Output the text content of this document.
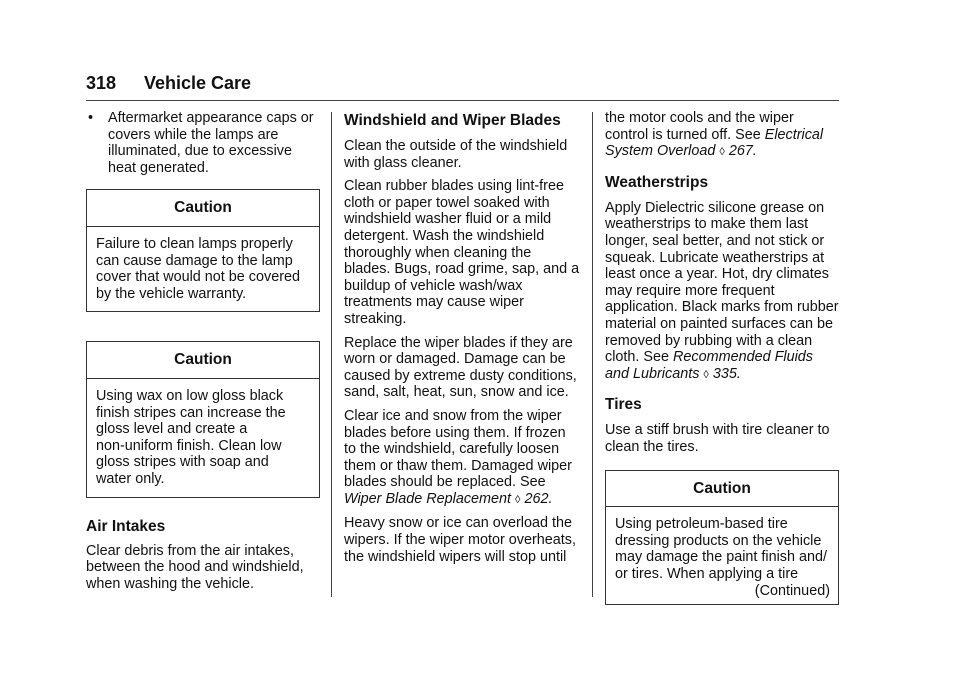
318 Vehicle Care

• Aftermarket appearance caps or covers while the lamps are illuminated, due to excessive heat generated.

Caution

Failure to clean lamps properly

can cause damage to the lamp

cover that would not be covered

by the vehicle warranty.

Caution

Using wax on low gloss black

finish stripes can increase the

gloss level and create a

non-uniform finish. Clean low

gloss stripes with soap and

water only.

Air Intakes

Clear debris from the air intakes, between the hood and windshield, when washing the vehicle.

Windshield and Wiper Blades

Clean the outside of the windshield with glass cleaner.

Clean rubber blades using lint-free cloth or paper towel soaked with windshield washer fluid or a mild detergent. Wash the windshield thoroughly when cleaning the blades. Bugs, road grime, sap, and a buildup of vehicle wash/wax treatments may cause wiper streaking.

Replace the wiper blades if they are worn or damaged. Damage can be caused by extreme dusty conditions, sand, salt, heat, sun, snow and ice.

Clear ice and snow from the wiper blades before using them. If frozen to the windshield, carefully loosen them or thaw them. Damaged wiper blades should be replaced. See Wiper Blade Replacement ◊ 262.

Heavy snow or ice can overload the wipers. If the wiper motor overheats, the windshield wipers will stop until

the motor cools and the wiper control is turned off. See Electrical System Overload ◊ 267.

Weatherstrips

Apply Dielectric silicone grease on weatherstrips to make them last longer, seal better, and not stick or squeak. Lubricate weatherstrips at least once a year. Hot, dry climates may require more frequent application. Black marks from rubber material on painted surfaces can be removed by rubbing with a clean cloth. See Recommended Fluids and Lubricants ◊ 335.

Tires

Use a stiff brush with tire cleaner to clean the tires.

Caution

Using petroleum-based tire

dressing products on the vehicle

may damage the paint finish and/

or tires. When applying a tire

(Continued)
